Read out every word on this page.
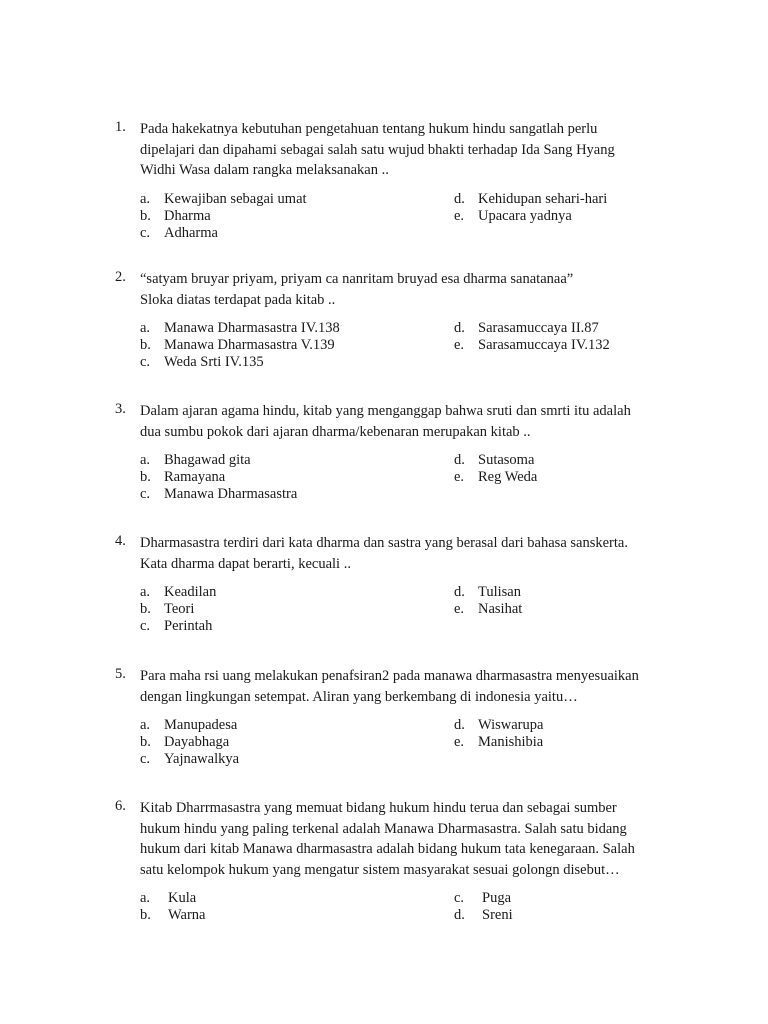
1. Pada hakekatnya kebutuhan pengetahuan tentang hukum hindu sangatlah perlu
dipelajari dan dipahami sebagai salah satu wujud bhakti terhadap Ida Sang Hyang
Widhi Wasa dalam rangka melaksanakan ..
a. Kewajiban sebagai umat
b. Dharma
c. Adharma
d. Kehidupan sehari-hari
e. Upacara yadnya
2. “satyam bruyar priyam, priyam ca nanritam bruyad esa dharma sanatanaa”
Sloka diatas terdapat pada kitab ..
a. Manawa Dharmasastra IV.138
b. Manawa Dharmasastra V.139
c. Weda Srti IV.135
d. Sarasamuccaya II.87
e. Sarasamuccaya IV.132
3. Dalam ajaran agama hindu, kitab yang menganggap bahwa sruti dan smrti itu adalah
dua sumbu pokok dari ajaran dharma/kebenaran merupakan kitab ..
a. Bhagawad gita
b. Ramayana
c. Manawa Dharmasastra
d. Sutasoma
e. Reg Weda
4. Dharmasastra terdiri dari kata dharma dan sastra yang berasal dari bahasa sanskerta.
Kata dharma dapat berarti, kecuali ..
a. Keadilan
b. Teori
c. Perintah
d. Tulisan
e. Nasihat
5. Para maha rsi uang melakukan penafsiran2 pada manawa dharmasastra menyesuaikan
dengan lingkungan setempat. Aliran yang berkembang di indonesia yaitu…
a. Manupadesa
b. Dayabhaga
c. Yajnawalkya
d. Wiswarupa
e. Manishibia
6. Kitab Dharrmasastra yang memuat bidang hukum hindu terua dan sebagai sumber
hukum hindu yang paling terkenal adalah Manawa Dharmasastra. Salah satu bidang
hukum dari kitab Manawa dharmasastra adalah bidang hukum tata kenegaraan. Salah
satu kelompok hukum yang mengatur sistem masyarakat sesuai golongn disebut…
a. Kula
b. Warna
c. Puga
d. Sreni
